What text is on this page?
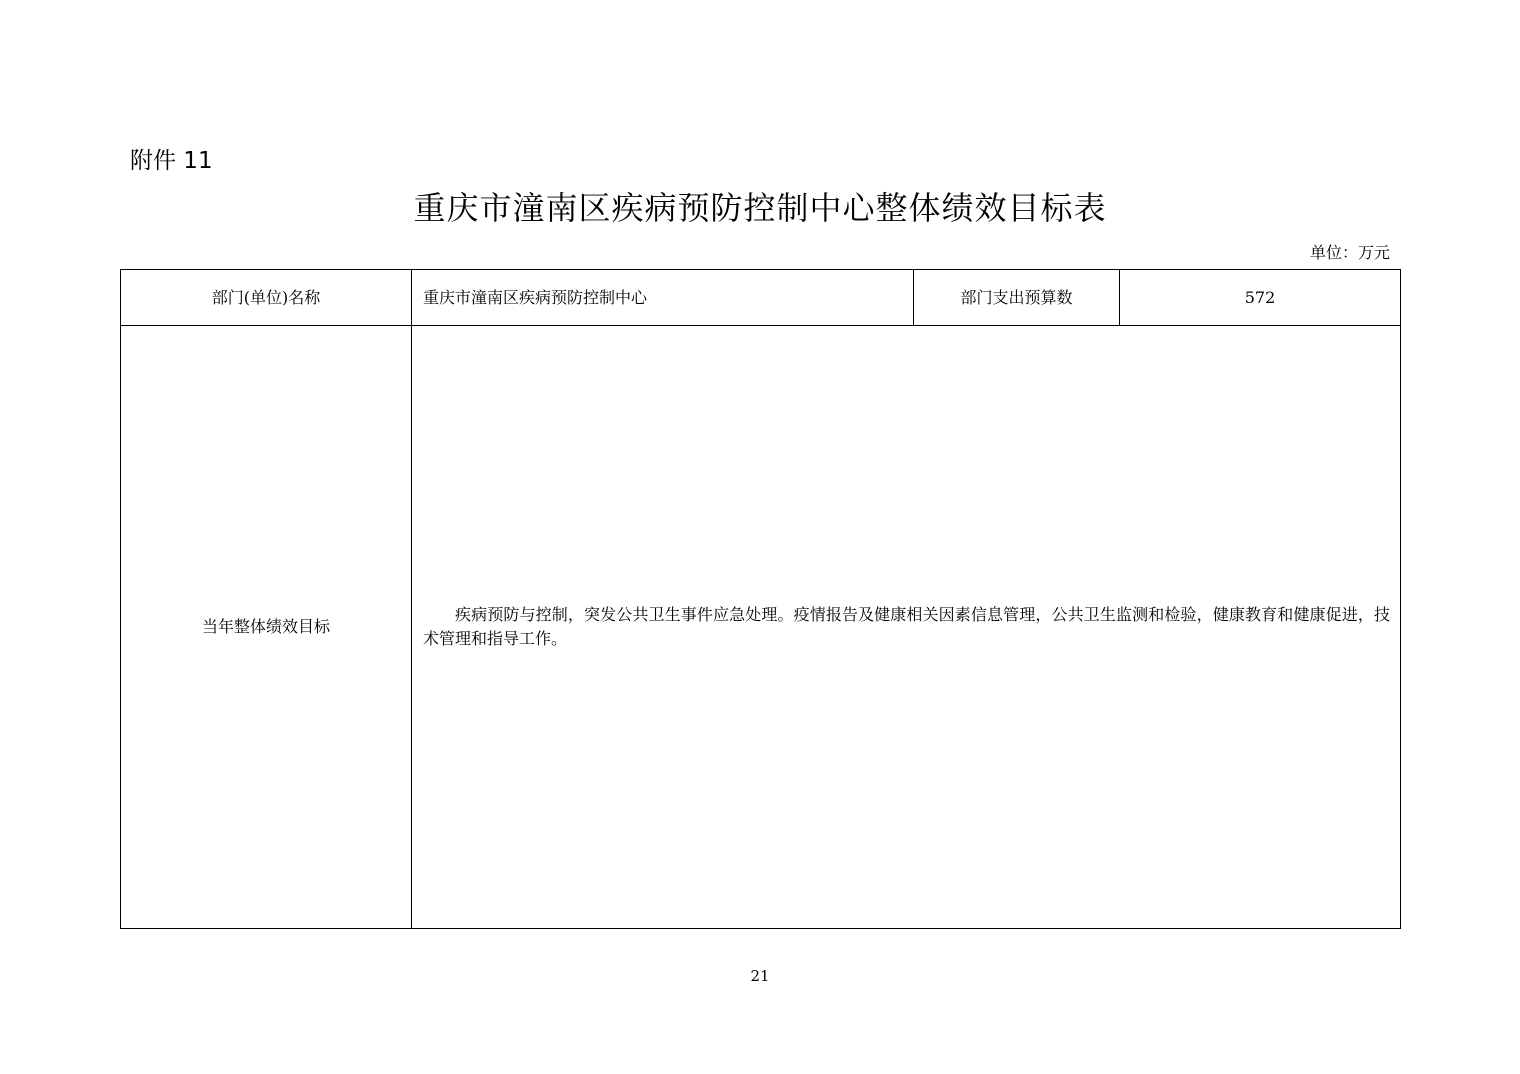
附件 11
重庆市潼南区疾病预防控制中心整体绩效目标表
单位：万元
部门(单位)名称	重庆市潼南区疾病预防控制中心	部门支出预算数	572
当年整体绩效目标	疾病预防与控制，突发公共卫生事件应急处理。疫情报告及健康相关因素信息管理，公共卫生监测和检验，健康教育和健康促进，技术管理和指导工作。		
21
